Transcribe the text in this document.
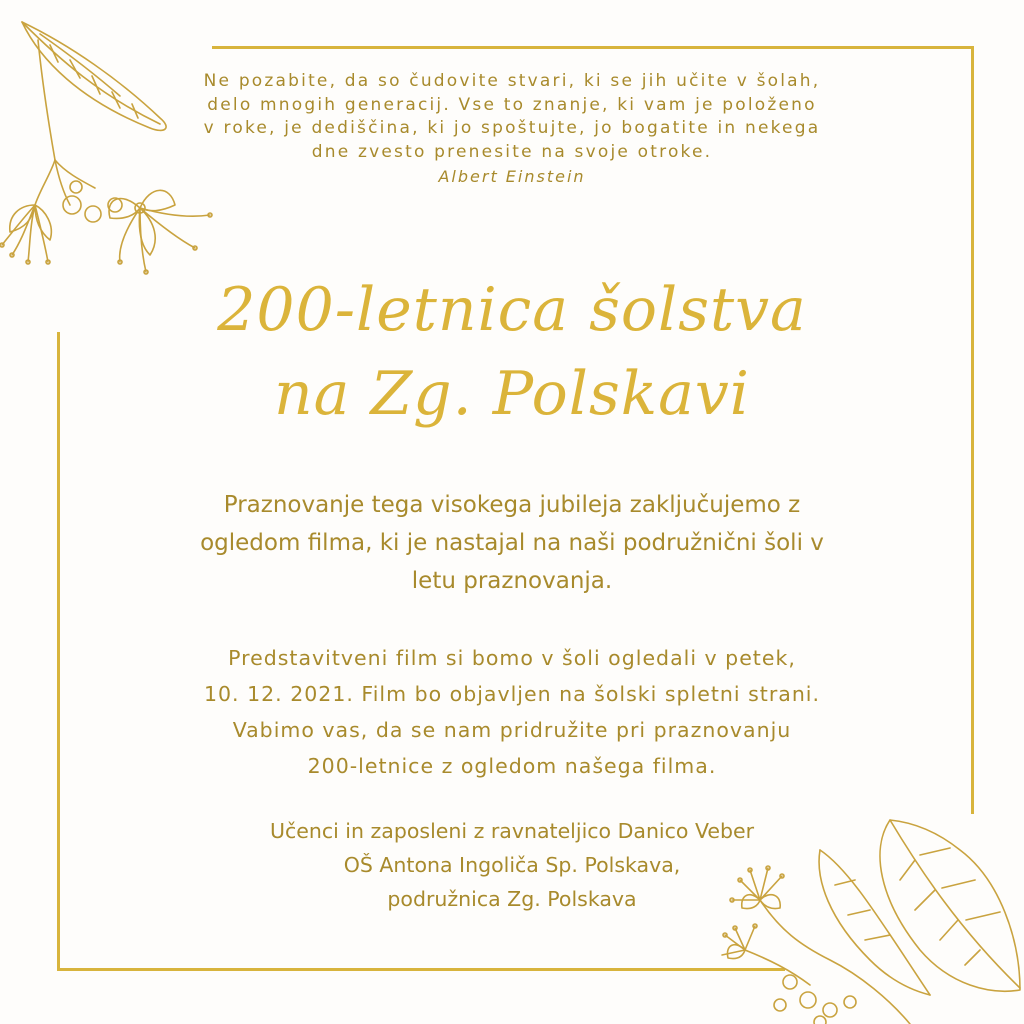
Ne pozabite, da so čudovite stvari, ki se jih učite v šolah,
delo mnogih generacij. Vse to znanje, ki vam je položeno
v roke, je dediščina, ki jo spoštujte, jo bogatite in nekega
dne zvesto prenesite na svoje otroke.
Albert Einstein
200-letnica šolstva
na Zg. Polskavi
Praznovanje tega visokega jubileja zaključujemo z
ogledom filma, ki je nastajal na naši podružnični šoli v
letu praznovanja.
Predstavitveni film si bomo v šoli ogledali v petek,
10. 12. 2021. Film bo objavljen na šolski spletni strani.
Vabimo vas, da se nam pridružite pri praznovanju
200-letnice z ogledom našega filma.
Učenci in zaposleni z ravnateljico Danico Veber
OŠ Antona Ingoliča Sp. Polskava,
podružnica Zg. Polskava
